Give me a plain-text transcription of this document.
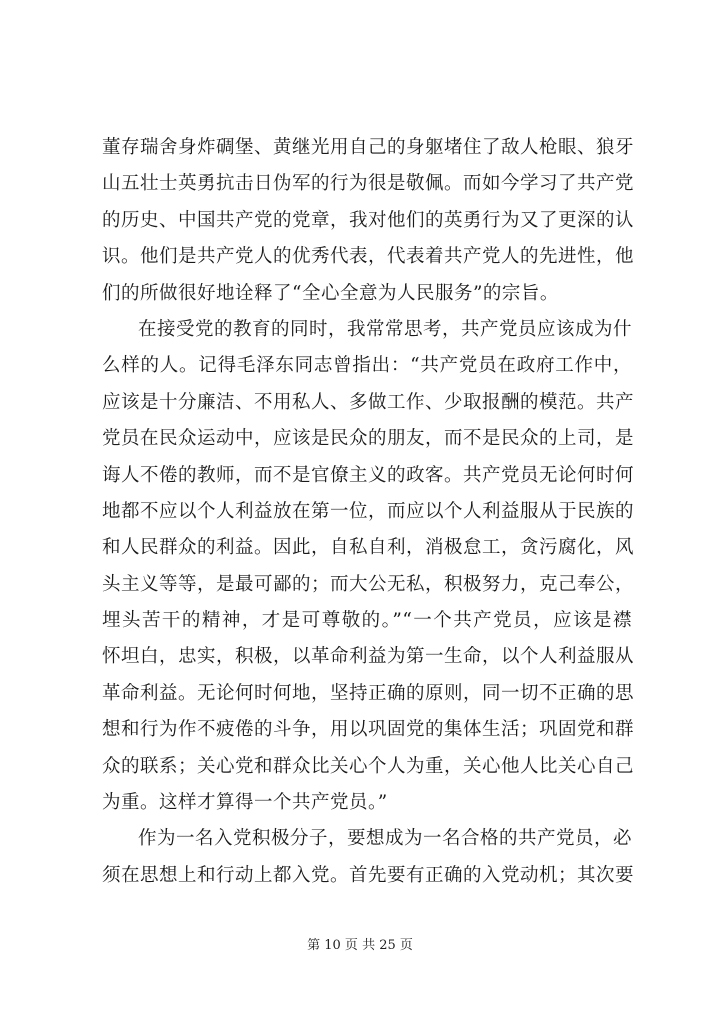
董存瑞舍身炸碉堡、黄继光用自己的身躯堵住了敌人枪眼、狼牙
山五壮士英勇抗击日伪军的行为很是敬佩。而如今学习了共产党
的历史、中国共产党的党章，我对他们的英勇行为又了更深的认
识。他们是共产党人的优秀代表，代表着共产党人的先进性，他
们的所做很好地诠释了“全心全意为人民服务”的宗旨。
在接受党的教育的同时，我常常思考，共产党员应该成为什
么样的人。记得毛泽东同志曾指出：“共产党员在政府工作中，
应该是十分廉洁、不用私人、多做工作、少取报酬的模范。共产
党员在民众运动中，应该是民众的朋友，而不是民众的上司，是
诲人不倦的教师，而不是官僚主义的政客。共产党员无论何时何
地都不应以个人利益放在第一位，而应以个人利益服从于民族的
和人民群众的利益。因此，自私自利，消极怠工，贪污腐化，风
头主义等等，是最可鄙的；而大公无私，积极努力，克己奉公，
埋头苦干的精神，才是可尊敬的。”“一个共产党员，应该是襟
怀坦白，忠实，积极，以革命利益为第一生命，以个人利益服从
革命利益。无论何时何地，坚持正确的原则，同一切不正确的思
想和行为作不疲倦的斗争，用以巩固党的集体生活；巩固党和群
众的联系；关心党和群众比关心个人为重，关心他人比关心自己
为重。这样才算得一个共产党员。”
作为一名入党积极分子，要想成为一名合格的共产党员，必
须在思想上和行动上都入党。首先要有正确的入党动机；其次要
第 10 页 共 25 页
